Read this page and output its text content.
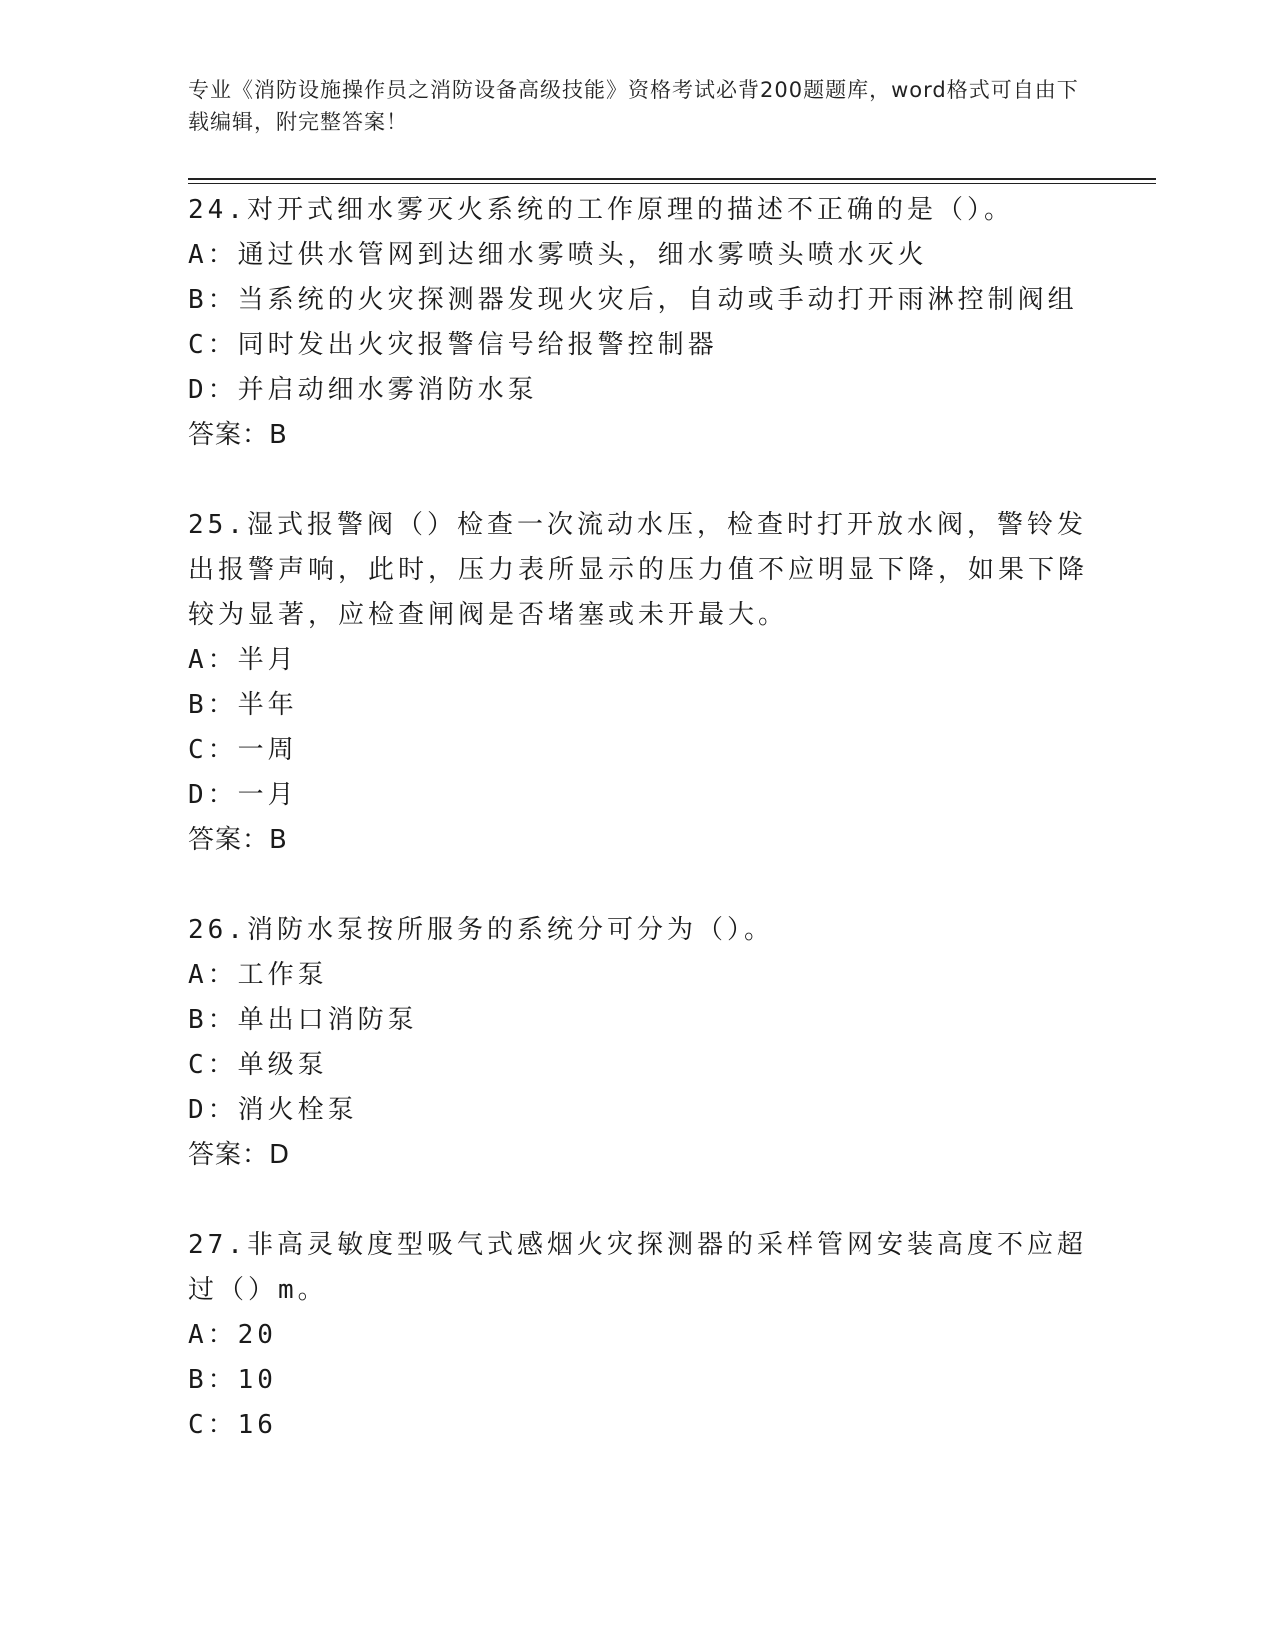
专业《消防设施操作员之消防设备高级技能》资格考试必背200题题库，word格式可自由下载编辑，附完整答案！
24.对开式细水雾灭火系统的工作原理的描述不正确的是（）。
A：通过供水管网到达细水雾喷头，细水雾喷头喷水灭火
B：当系统的火灾探测器发现火灾后，自动或手动打开雨淋控制阀组
C：同时发出火灾报警信号给报警控制器
D：并启动细水雾消防水泵
答案：B
25.湿式报警阀（）检查一次流动水压，检查时打开放水阀，警铃发出报警声响，此时，压力表所显示的压力值不应明显下降，如果下降较为显著，应检查闸阀是否堵塞或未开最大。
A：半月
B：半年
C：一周
D：一月
答案：B
26.消防水泵按所服务的系统分可分为（）。
A：工作泵
B：单出口消防泵
C：单级泵
D：消火栓泵
答案：D
27.非高灵敏度型吸气式感烟火灾探测器的采样管网安装高度不应超过（）m。
A：20
B：10
C：16
